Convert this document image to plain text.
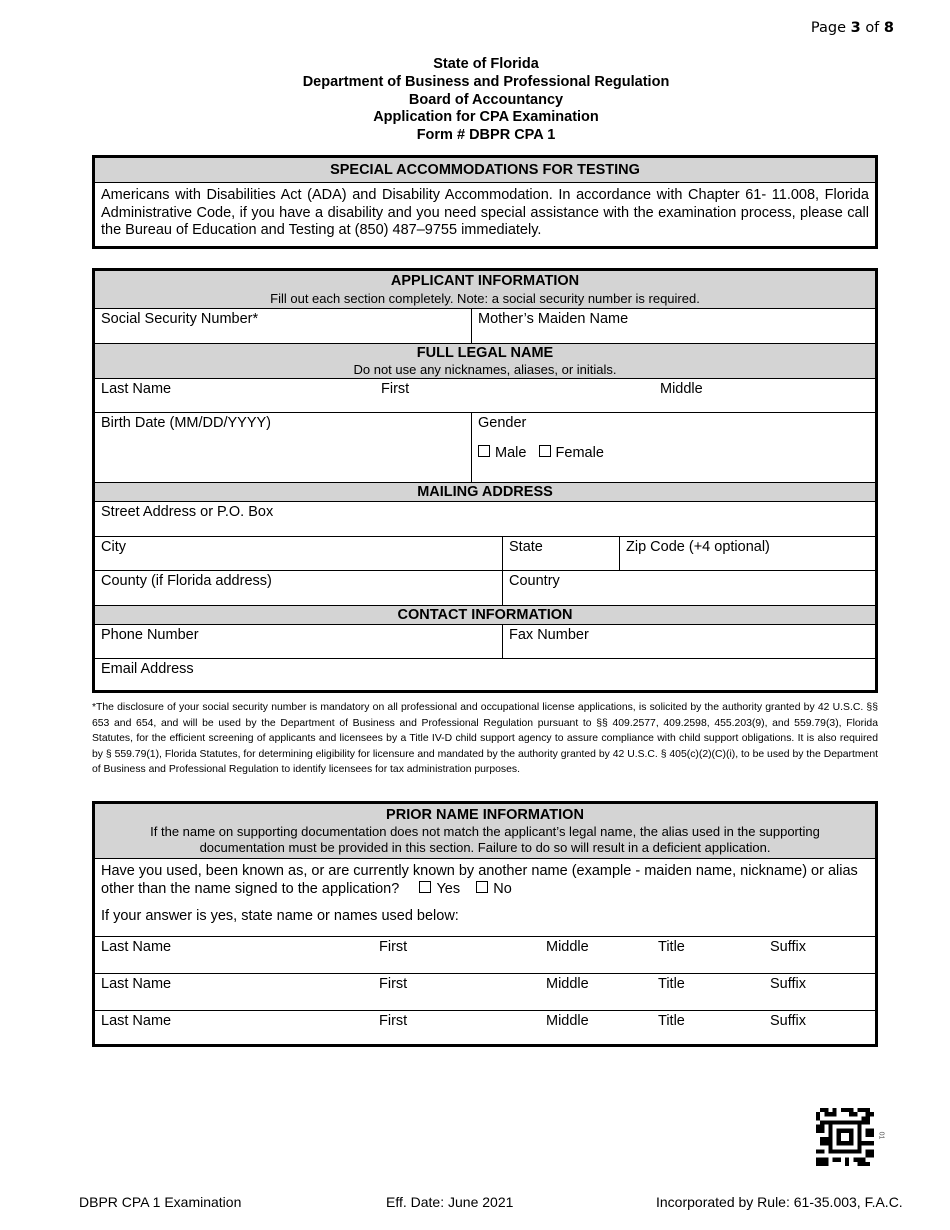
Page 3 of 8
State of Florida
Department of Business and Professional Regulation
Board of Accountancy
Application for CPA Examination
Form # DBPR CPA 1
SPECIAL ACCOMMODATIONS FOR TESTING
Americans with Disabilities Act (ADA) and Disability Accommodation. In accordance with Chapter 61- 11.008, Florida Administrative Code, if you have a disability and you need special assistance with the examination process, please call the Bureau of Education and Testing at (850) 487–9755 immediately.
APPLICANT INFORMATION
Fill out each section completely. Note: a social security number is required.
Social Security Number*	Mother’s Maiden Name
FULL LEGAL NAME
Do not use any nicknames, aliases, or initials.
Last Name	First	Middle
Birth Date (MM/DD/YYYY)	Gender
Male Female
MAILING ADDRESS
Street Address or P.O. Box
City	State	Zip Code (+4 optional)
County (if Florida address)	Country
CONTACT INFORMATION
Phone Number	Fax Number
Email Address
*The disclosure of your social security number is mandatory on all professional and occupational license applications, is solicited by the authority granted by 42 U.S.C. §§ 653 and 654, and will be used by the Department of Business and Professional Regulation pursuant to §§ 409.2577, 409.2598, 455.203(9), and 559.79(3), Florida Statutes, for the efficient screening of applicants and licensees by a Title IV-D child support agency to assure compliance with child support obligations. It is also required by § 559.79(1), Florida Statutes, for determining eligibility for licensure and mandated by the authority granted by 42 U.S.C. § 405(c)(2)(C)(i), to be used by the Department of Business and Professional Regulation to identify licensees for tax administration purposes.
PRIOR NAME INFORMATION
If the name on supporting documentation does not match the applicant’s legal name, the alias used in the supporting documentation must be provided in this section. Failure to do so will result in a deficient application.
Have you used, been known as, or are currently known by another name (example - maiden name, nickname) or alias other than the name signed to the application?	Yes No
If your answer is yes, state name or names used below:
Last Name	First	Middle	Title	Suffix
Last Name	First	Middle	Title	Suffix
Last Name	First	Middle	Title	Suffix
01
DBPR CPA 1 Examination	Eff. Date: June 2021	Incorporated by Rule: 61-35.003, F.A.C.
